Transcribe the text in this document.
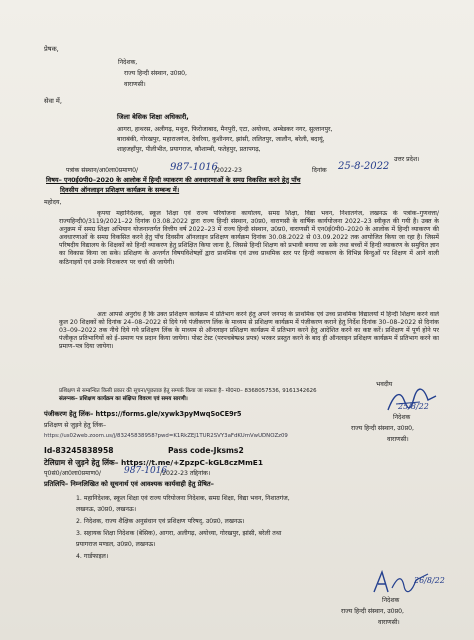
प्रेषक,
निदेशक,
राज्य हिन्दी संस्थान, उ0प्र0,
वाराणसी।
सेवा में,
जिला बेसिक शिक्षा अधिकारी,
आगरा, हाथरस, अलीगढ़, मथुरा, फिरोजाबाद, मैनपुरी, एटा, अयोध्या, अम्बेडकर नगर, सुल्तानपुर,
बाराबंकी, गोरखपुर, महाराजगंज, देवरिया, कुशीनगर, झांसी, ललितपुर, जालौन, बरेली, बदायूं,
शाहजहाँपुर, पीलीभीत, प्रयागराज, कौशाम्बी, फतेहपुर, प्रतापगढ़,
उत्तर प्रदेश।
पत्रांक संस्थान/आ0ला0प्रमाण0/	987-1016
/2022-23	दिनांक 25-8-2022
विषय– एन0ई0पी0–2020 के आलोक में हिन्दी व्याकरण की अवधारणाओं के समग्र विकसित करने हेतु पाँच
दिवसीय ऑनलाइन प्रशिक्षण कार्यक्रम के सम्बन्ध में।
महोदय,
कृपया महानिदेशक, स्कूल शिक्षा एवं राज्य परियोजना कार्यालय, समग्र शिक्षा, विद्या भवन, निशातगंज, लखनऊ के पत्रांक–गुणवत्ता/राज्यहिन्दी0/3119/2021–22 दिनांक 03.08.2022 द्वारा राज्य हिन्दी संस्थान, उ0प्र0, वाराणसी के वार्षिक कार्ययोजना 2022–23 स्वीकृत की गयी है। उक्त के अनुक्रम में समग्र शिक्षा अभियान योजनान्तर्गत वित्तीय वर्ष 2022–23 में राज्य हिन्दी संस्थान, उ0प्र0, वाराणसी में एन0ई0पी0–2020 के आलोक में हिन्दी व्याकरण की अवधारणाओं के समग्र विकसित करने हेतु पाँच दिवसीय ऑनलाइन प्रशिक्षण कार्यक्रम दिनांक 30.08.2022 से 03.09.2022 तक आयोजित किया जा रहा है। जिसमें परिषदीय विद्यालय के शिक्षकों को हिन्दी व्याकरण हेतु प्रशिक्षित किया जाना है, जिससे हिन्दी शिक्षण को प्रभावी बनाया जा सके तथा बच्चों में हिन्दी व्याकरण के समुचित ज्ञान का विकास किया जा सके। प्रशिक्षण के अन्तर्गत विषयविशेषज्ञों द्वारा प्राथमिक एवं उच्च प्राथमिक स्तर पर हिन्दी व्याकरण के विभिन्न बिन्दुओं पर शिक्षण में आने वाली कठिनाइयों एवं उनके निराकरण पर चर्चा की जायेगी।
अतः आपसे अनुरोध है कि उक्त प्रशिक्षण कार्यक्रम में प्रतिभाग करने हेतु अपने जनपद के प्राथमिक एवं उच्च प्राथमिक विद्यालयों में हिन्दी शिक्षण करने वाले कुल 20 शिक्षकों को दिनांक 24–08–2022 से दिये गये पंजीकरण लिंक के माध्यम से प्रशिक्षण कार्यक्रम में पंजीकरण कराने हेतु निर्देश दिनांक 30–08–2022 से दिनांक 03–09–2022 तक नीचे दिये गये प्रशिक्षण लिंक के माध्यम से ऑनलाइन प्रशिक्षण कार्यक्रम में प्रतिभाग करने हेतु आदेशित करने का कष्ट करें। प्रशिक्षण में पूर्ण होने पर पंजीकृत प्रतिभागियों को ई–प्रमाण पत्र प्रदान किया जायेगा। पोस्ट टेस्ट (परपचबेष्प्रश्न प्रपत्र) भरकर प्रस्तुत करने के बाद ही ऑनलाइन प्रशिक्षण कार्यक्रम में प्रतिभाग करने का प्रमाण–पत्र दिया जायेगा।
प्रशिक्षण से सम्बन्धित किसी प्रकार की सूचना/पूछताछ हेतु सम्पर्क किया जा सकता है– मो0न0– 8368057536, 9161342626
संलग्नक– प्रशिक्षण कार्यक्रम का संक्षिप्त विवरण एवं समय सारणी।
पंजीकरण हेतु लिंक– https://forms.gle/xywk3pyMwqSoCE9r5
प्रशिक्षण से जुड़ने हेतु लिंक–
https://us02web.zoom.us/j/83245838958?pwd=K1RkZEJ1TUR2SVY3aFdKUmVwUDNOZz09
Id-83245838958	Pass code-Jksms2
टेलिग्राम से जुड़ने हेतु लिंक– https://t.me/+ZpzpC-kGL8czMmE1
भवदीय
25/8/22
निदेशक
राज्य हिन्दी संस्थान, उ0प्र0,
वाराणसी।
पृ0सं0/आ0ला0प्रमाण0/	987-1016
/2022-23 तद्दिनांक।
प्रतिलिपि– निम्नलिखित को सूचनार्थ एवं आवश्यक कार्यवाही हेतु प्रेषित–
1. महानिदेशक, स्कूल शिक्षा एवं राज्य परियोजना निदेशक, समग्र शिक्षा, विद्या भवन, निशातगंज,
लखनऊ, उ0प्र0, लखनऊ।
2. निदेशक, राज्य शैक्षिक अनुसंधान एवं प्रशिक्षण परिषद्, उ0प्र0, लखनऊ।
3. सहायक शिक्षा निदेशक (बेसिक), आगरा, अलीगढ़, अयोध्या, गोरखपुर, झांसी, बरेली तथा
प्रयागराज मण्डल, उ0प्र0, लखनऊ।
4. गार्डफाइल।
26/8/22
निदेशक
राज्य हिन्दी संस्थान, उ0प्र0,
वाराणसी।
